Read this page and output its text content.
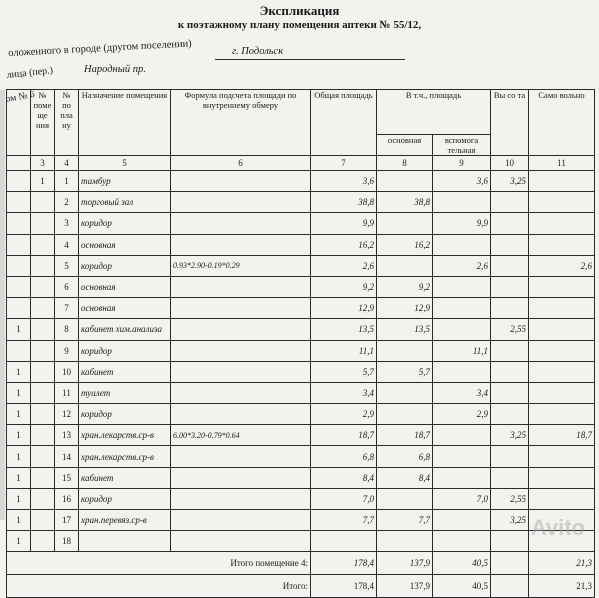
Экспликация
к поэтажному плану помещения аптеки № 55/12,
оложенного в городе (другом поселении)	г. Подольск
лица (пер.)	Народный пр.
ом № 6
	№ поме ще ния	№ по пла ну	Назначение помещения	Формула подсчета площади по внутреннему обмеру	Общая площадь	В т.ч., площадь		Вы со та	Само вольно
						основная	вспомога тельная		
	3	4	5	6	7	8	9	10	11
	1	1	тамбур		3,6		3,6	3,25	
		2	торговый зал		38,8	38,8			
		3	коридор		9,9		9,9		
		4	основная		16,2	16,2			
		5	коридор	0.93*2.90-0.19*0.29	2,6		2,6		2,6
		6	основная		9,2	9,2			
		7	основная		12,9	12,9			
1		8	кабинет хим.анализа		13,5	13,5		2,55	
		9	коридор		11,1		11,1		
1		10	кабинет		5,7	5,7			
1		11	туалет		3,4		3,4		
1		12	коридор		2,9		2,9		
1		13	хран.лекарств.ср-в	6.00*3.20-0.79*0.64	18,7	18,7		3,25	18,7
1		14	хран.лекарств.ср-в		6,8	6,8			
1		15	кабинет		8,4	8,4			
1		16	коридор		7,0		7,0	2,55	
1		17	хран.перевяз.ср-в		7,7	7,7		3,25	
1		18							
Итого помещение 4:					178,4	137,9	40,5		21,3
Итого:					178,4	137,9	40,5		21,3
Avito
